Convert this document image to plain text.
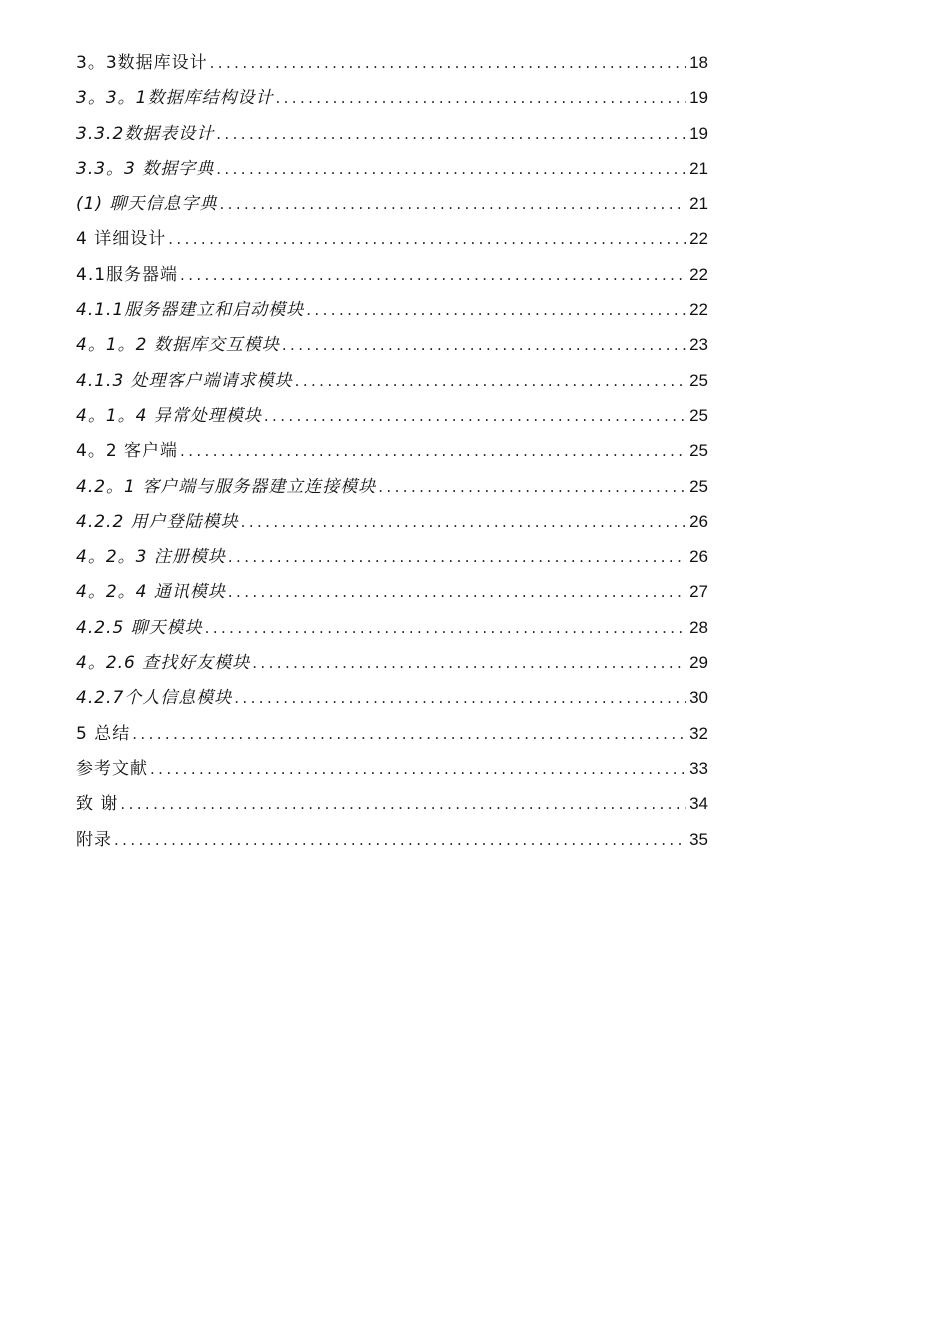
3。3数据库设计 .....	18
3。3。1数据库结构设计 .....	19
3.3.2数据表设计 .....	19
3.3。3 数据字典 .....	21
(1) 聊天信息字典 .....	21
4 详细设计 .....	22
4.1服务器端 .....	22
4.1.1服务器建立和启动模块 .....	22
4。1。2 数据库交互模块 .....	23
4.1.3 处理客户端请求模块 .....	25
4。1。4 异常处理模块 .....	25
4。2 客户端 .....	25
4.2。1 客户端与服务器建立连接模块 .....	25
4.2.2 用户登陆模块 .....	26
4。2。3 注册模块 .....	26
4。2。4 通讯模块 .....	27
4.2.5 聊天模块 .....	28
4。2.6 查找好友模块 .....	29
4.2.7个人信息模块 .....	30
5 总结 .....	32
参考文献 .....	33
致 谢 .....	34
附录 .....	35
